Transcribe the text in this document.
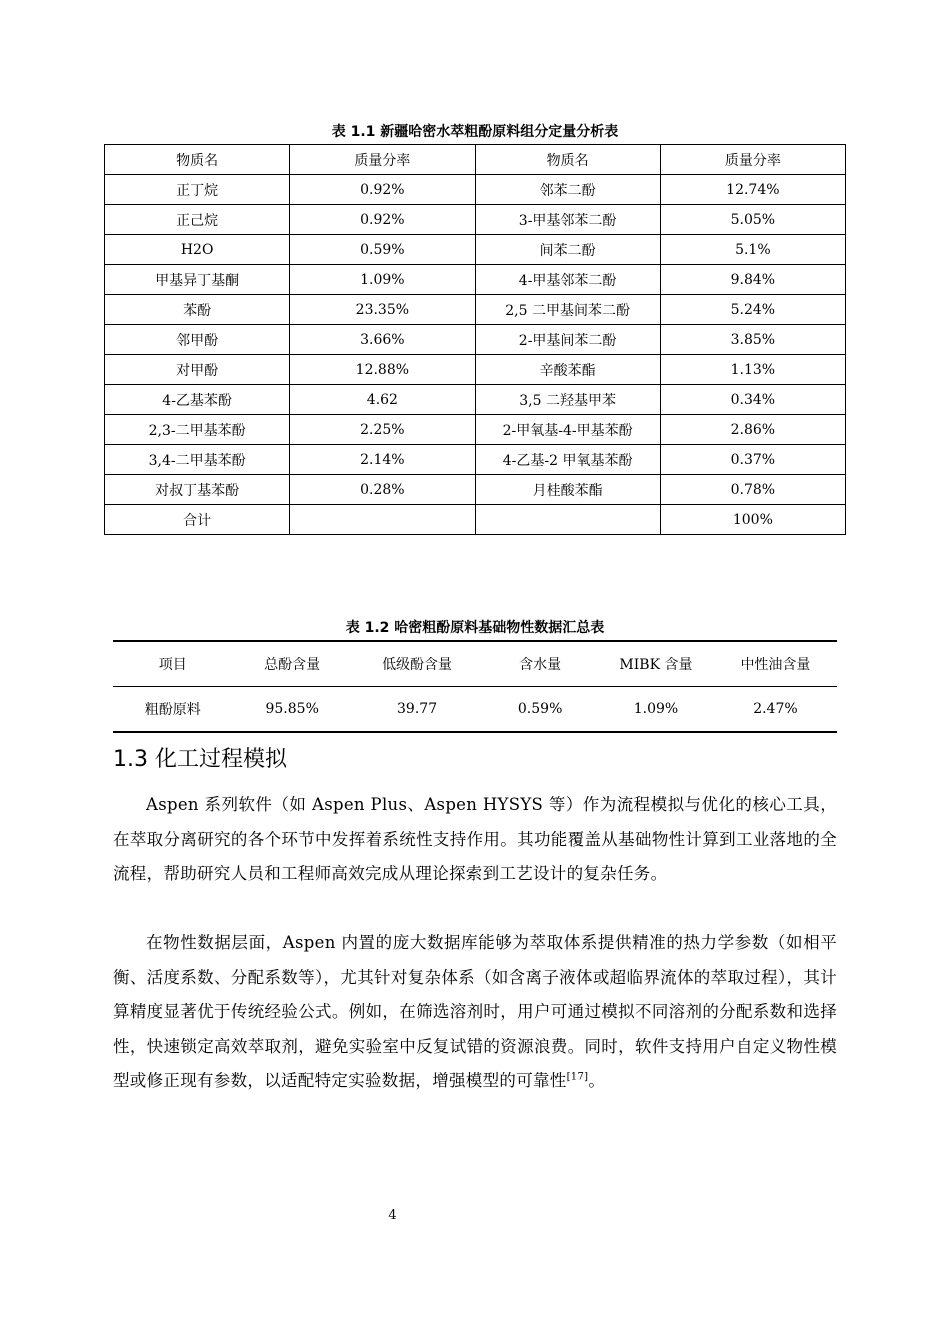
表 1.1 新疆哈密水萃粗酚原料组分定量分析表
物质名	质量分率	物质名	质量分率
正丁烷	0.92%	邻苯二酚	12.74%
正己烷	0.92%	3-甲基邻苯二酚	5.05%
H2O	0.59%	间苯二酚	5.1%
甲基异丁基酮	1.09%	4-甲基邻苯二酚	9.84%
苯酚	23.35%	2,5 二甲基间苯二酚	5.24%
邻甲酚	3.66%	2-甲基间苯二酚	3.85%
对甲酚	12.88%	辛酸苯酯	1.13%
4-乙基苯酚	4.62	3,5 二羟基甲苯	0.34%
2,3-二甲基苯酚	2.25%	2-甲氧基-4-甲基苯酚	2.86%
3,4-二甲基苯酚	2.14%	4-乙基-2 甲氧基苯酚	0.37%
对叔丁基苯酚	0.28%	月桂酸苯酯	0.78%
合计			100%
表 1.2 哈密粗酚原料基础物性数据汇总表
项目	总酚含量	低级酚含量	含水量	MIBK 含量	中性油含量
粗酚原料	95.85%	39.77	0.59%	1.09%	2.47%
1.3 化工过程模拟

Aspen 系列软件（如 Aspen Plus、Aspen HYSYS 等）作为流程模拟与优化的核心工具，在萃取分离研究的各个环节中发挥着系统性支持作用。其功能覆盖从基础物性计算到工业落地的全流程，帮助研究人员和工程师高效完成从理论探索到工艺设计的复杂任务。

在物性数据层面，Aspen 内置的庞大数据库能够为萃取体系提供精准的热力学参数（如相平衡、活度系数、分配系数等），尤其针对复杂体系（如含离子液体或超临界流体的萃取过程），其计算精度显著优于传统经验公式。例如，在筛选溶剂时，用户可通过模拟不同溶剂的分配系数和选择性，快速锁定高效萃取剂，避免实验室中反复试错的资源浪费。同时，软件支持用户自定义物性模型或修正现有参数，以适配特定实验数据，增强模型的可靠性[17]。

4
